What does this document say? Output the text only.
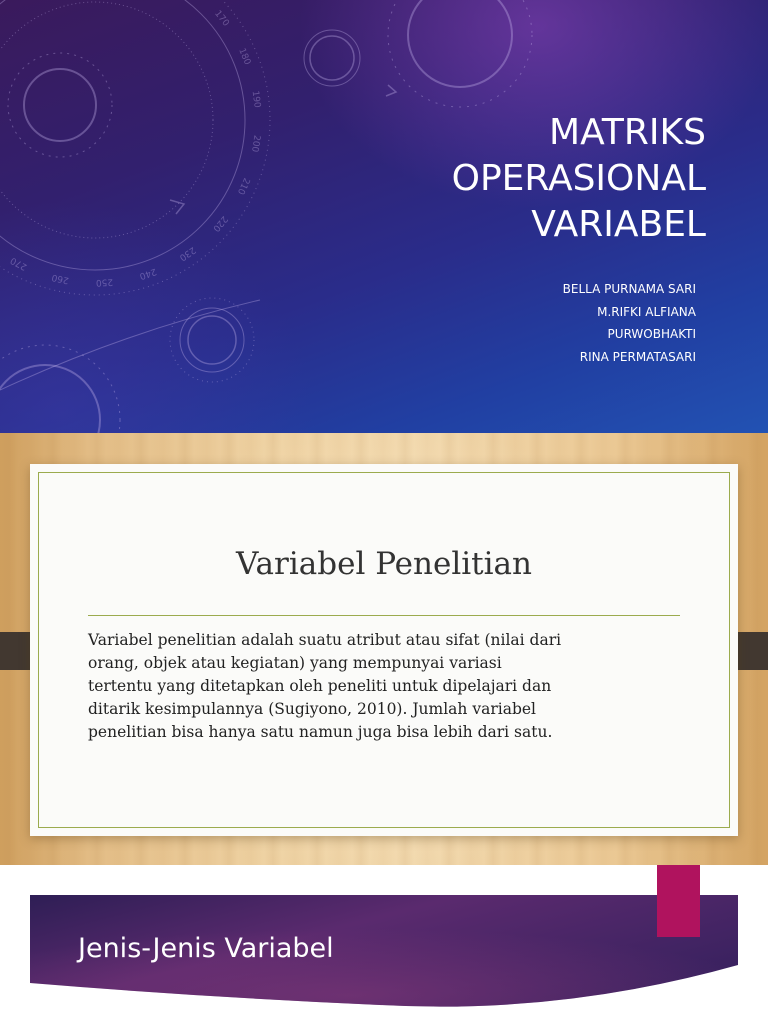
170
180
190
200
210
220
230
240
250
260
270
MATRIKS
OPERASIONAL
VARIABEL
BELLA PURNAMA SARI
M.RIFKI ALFIANA
PURWOBHAKTI
RINA PERMATASARI
Variabel Penelitian
Variabel penelitian adalah suatu atribut atau sifat (nilai dari
orang, objek atau kegiatan) yang mempunyai variasi
tertentu yang ditetapkan oleh peneliti untuk dipelajari dan
ditarik kesimpulannya (Sugiyono, 2010). Jumlah variabel
penelitian bisa hanya satu namun juga bisa lebih dari satu.
Jenis-Jenis Variabel
